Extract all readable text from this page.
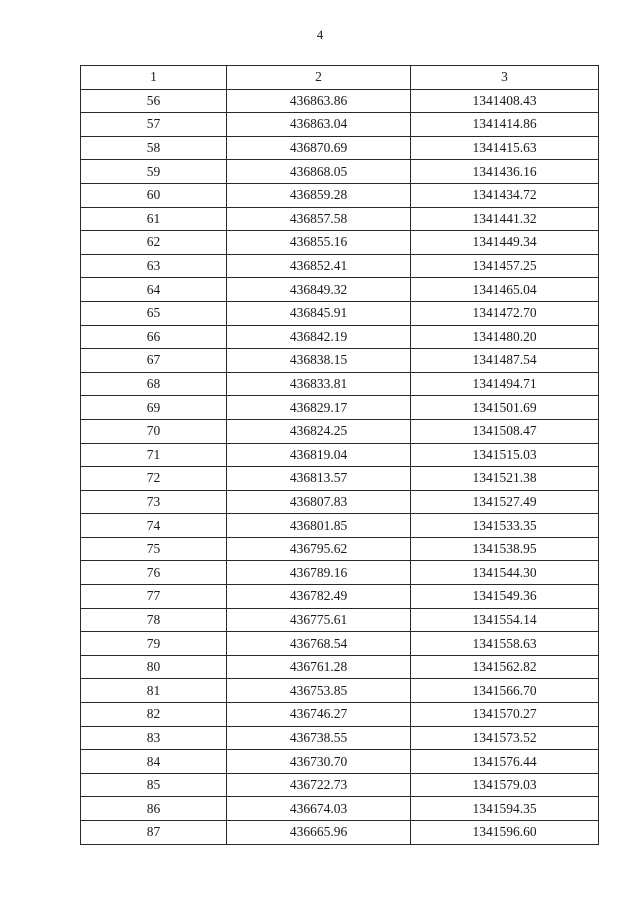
4
1	2	3
56	436863.86	1341408.43
57	436863.04	1341414.86
58	436870.69	1341415.63
59	436868.05	1341436.16
60	436859.28	1341434.72
61	436857.58	1341441.32
62	436855.16	1341449.34
63	436852.41	1341457.25
64	436849.32	1341465.04
65	436845.91	1341472.70
66	436842.19	1341480.20
67	436838.15	1341487.54
68	436833.81	1341494.71
69	436829.17	1341501.69
70	436824.25	1341508.47
71	436819.04	1341515.03
72	436813.57	1341521.38
73	436807.83	1341527.49
74	436801.85	1341533.35
75	436795.62	1341538.95
76	436789.16	1341544.30
77	436782.49	1341549.36
78	436775.61	1341554.14
79	436768.54	1341558.63
80	436761.28	1341562.82
81	436753.85	1341566.70
82	436746.27	1341570.27
83	436738.55	1341573.52
84	436730.70	1341576.44
85	436722.73	1341579.03
86	436674.03	1341594.35
87	436665.96	1341596.60
